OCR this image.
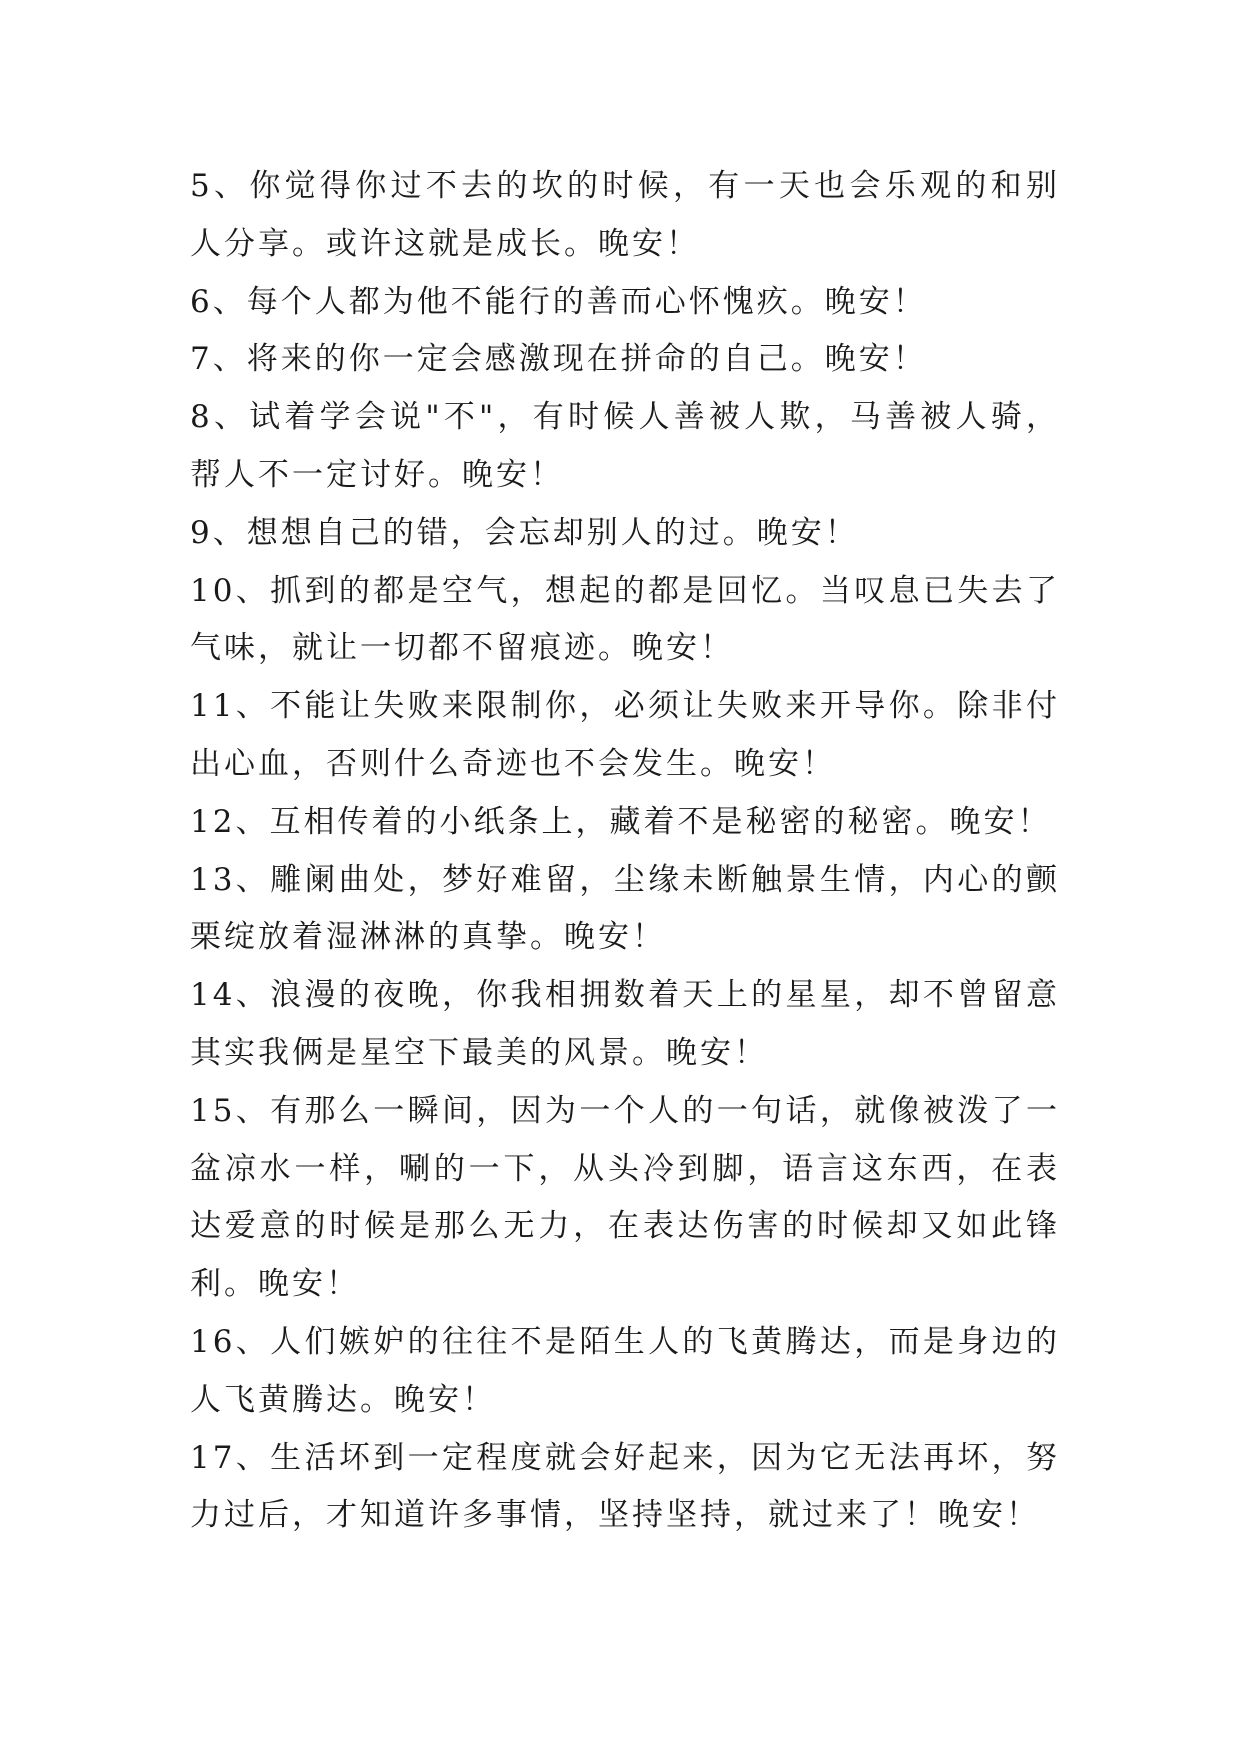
5、你觉得你过不去的坎的时候，有一天也会乐观的和别人分享。或许这就是成长。晚安！

6、每个人都为他不能行的善而心怀愧疚。晚安！

7、将来的你一定会感激现在拼命的自己。晚安！

8、试着学会说"不"，有时候人善被人欺，马善被人骑，帮人不一定讨好。晚安！

9、想想自己的错，会忘却别人的过。晚安！

10、抓到的都是空气，想起的都是回忆。当叹息已失去了气味，就让一切都不留痕迹。晚安！

11、不能让失败来限制你，必须让失败来开导你。除非付出心血，否则什么奇迹也不会发生。晚安！

12、互相传着的小纸条上，藏着不是秘密的秘密。晚安！

13、雕阑曲处，梦好难留，尘缘未断触景生情，内心的颤栗绽放着湿淋淋的真挚。晚安！

14、浪漫的夜晚，你我相拥数着天上的星星，却不曾留意其实我俩是星空下最美的风景。晚安！

15、有那么一瞬间，因为一个人的一句话，就像被泼了一盆凉水一样，唰的一下，从头冷到脚，语言这东西，在表达爱意的时候是那么无力，在表达伤害的时候却又如此锋利。晚安！

16、人们嫉妒的往往不是陌生人的飞黄腾达，而是身边的人飞黄腾达。晚安！

17、生活坏到一定程度就会好起来，因为它无法再坏，努力过后，才知道许多事情，坚持坚持，就过来了！晚安！
